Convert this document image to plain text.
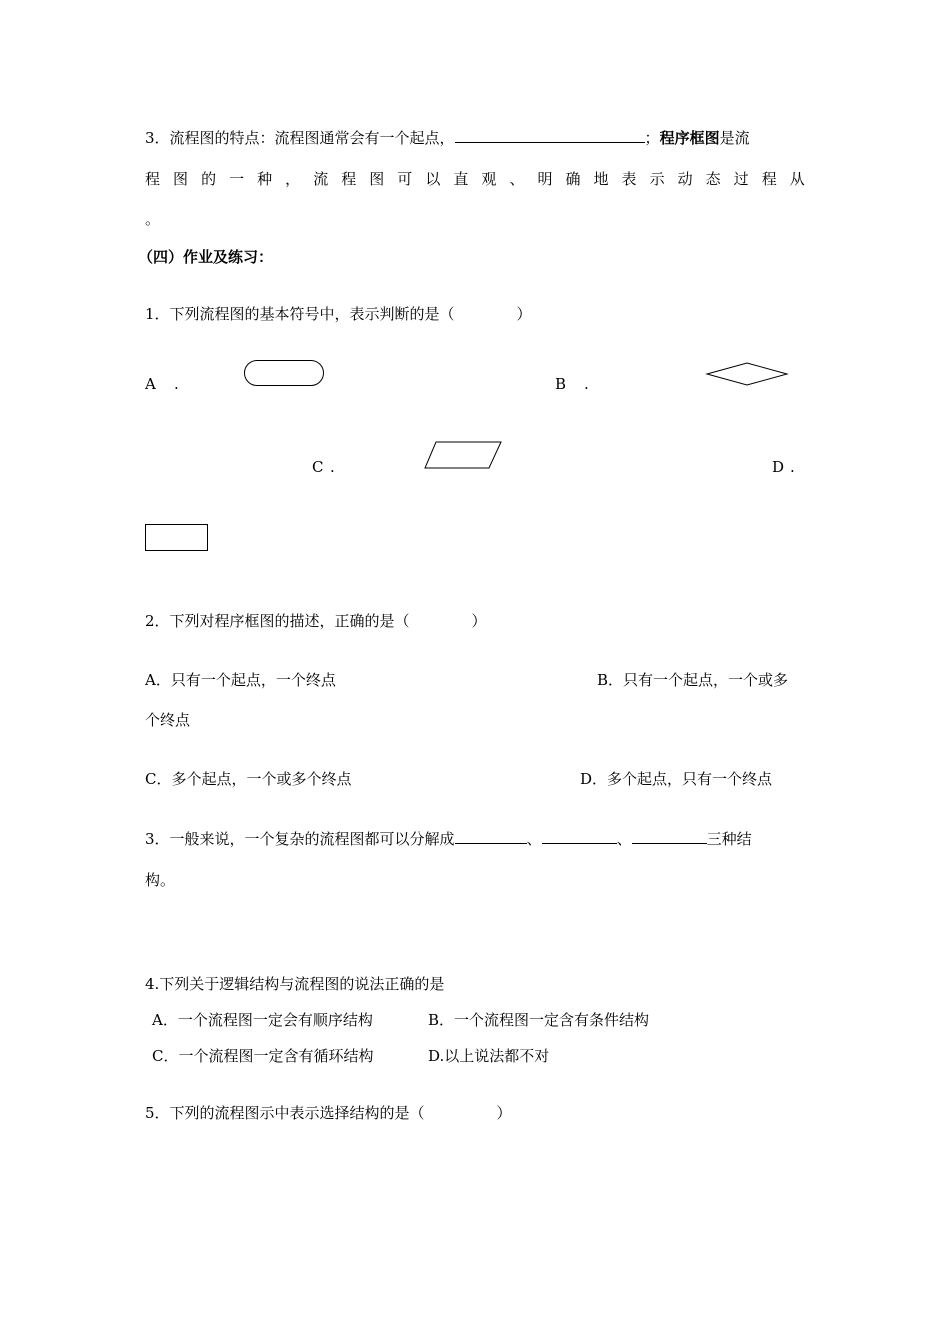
3．流程图的特点：流程图通常会有一个起点，	；程序框图是流
程 图 的 一 种 ， 流 程 图 可 以 直 观 、 明 确 地 表 示 动 态 过 程 从
。
（四）作业及练习：
1．下列流程图的基本符号中，表示判断的是（	）
A .	B .
C .	D .
2．下列对程序框图的描述，正确的是（	）
A．只有一个起点，一个终点	B．只有一个起点，一个或多
个终点
C．多个起点，一个或多个终点	D．多个起点，只有一个终点
3．一般来说，一个复杂的流程图都可以分解成	、	、	三种结
构。
4.下列关于逻辑结构与流程图的说法正确的是
A．一个流程图一定会有顺序结构	B．一个流程图一定含有条件结构
C．一个流程图一定含有循环结构	D.以上说法都不对
5．下列的流程图示中表示选择结构的是（	）
